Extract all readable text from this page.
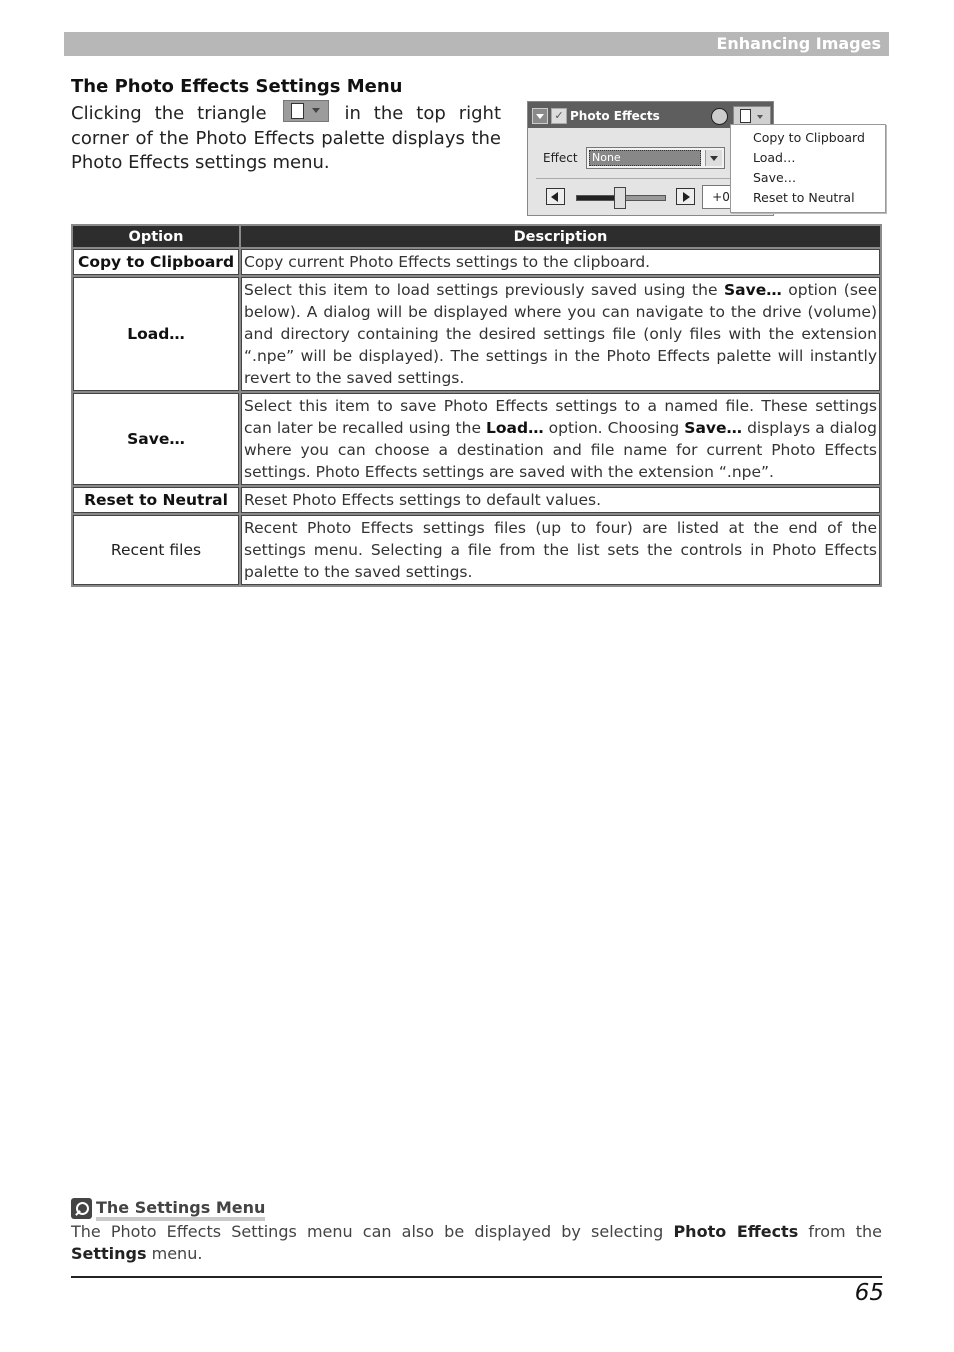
Enhancing Images
The Photo Effects Settings Menu
Clicking the triangle	in the top right corner of the Photo Effects palette displays the Photo Effects settings menu.
✓ Photo Effects
Effect None
+0
Copy to Clipboard
Load…
Save…
Reset to Neutral
Option	Description
Copy to Clipboard	Copy current Photo Effects settings to the clipboard.
Load…	Select this item to load settings previously saved using the Save… option (see below). A dialog will be displayed where you can navigate to the drive (volume) and directory containing the desired settings file (only files with the extension “.npe” will be displayed). The settings in the Photo Effects palette will instantly revert to the saved settings.
Save…	Select this item to save Photo Effects settings to a named file. These settings can later be recalled using the Load… option. Choosing Save… displays a dialog where you can choose a destination and file name for current Photo Effects settings. Photo Effects settings are saved with the extension “.npe”.
Reset to Neutral	Reset Photo Effects settings to default values.
Recent files	Recent Photo Effects settings files (up to four) are listed at the end of the settings menu. Selecting a file from the list sets the controls in Photo Effects palette to the saved settings.
The Settings Menu
The Photo Effects Settings menu can also be displayed by selecting Photo Effects from the Settings menu.
65
